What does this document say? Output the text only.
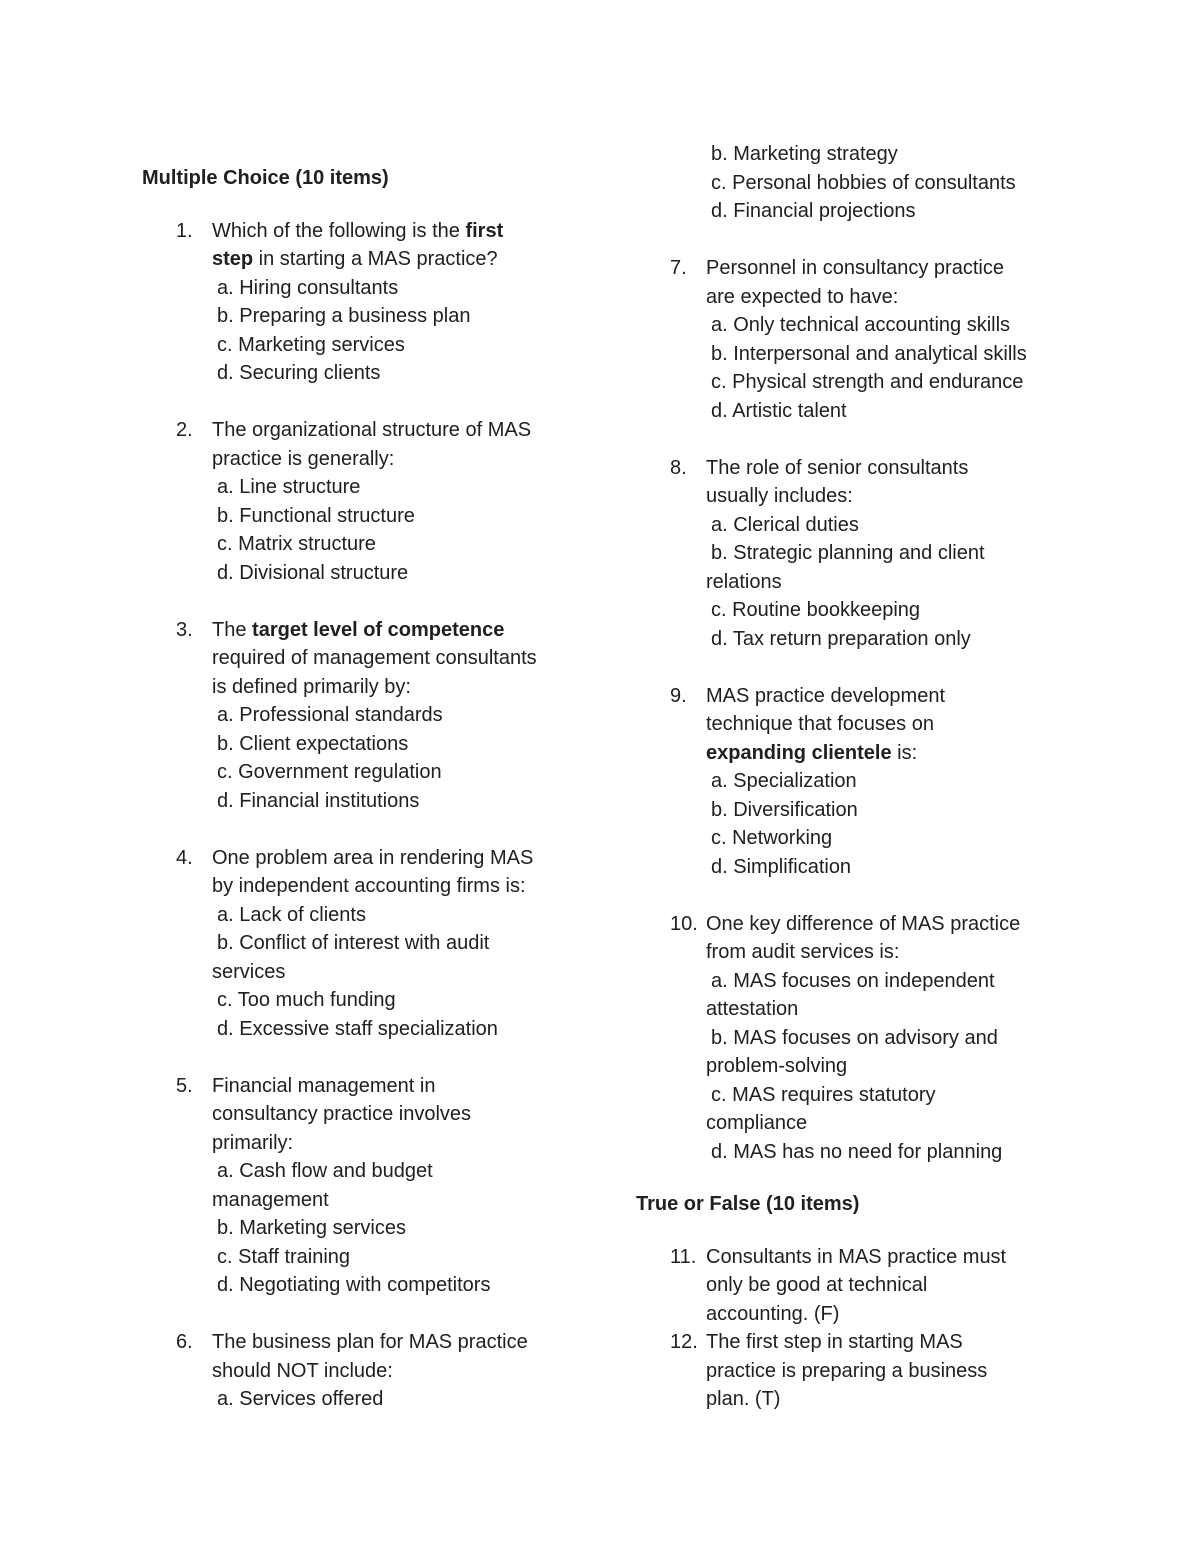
Multiple Choice (10 items)

1. Which of the following is the first
step in starting a MAS practice?
a. Hiring consultants
b. Preparing a business plan
c. Marketing services
d. Securing clients
2. The organizational structure of MAS
practice is generally:
a. Line structure
b. Functional structure
c. Matrix structure
d. Divisional structure
3. The target level of competence
required of management consultants
is defined primarily by:
a. Professional standards
b. Client expectations
c. Government regulation
d. Financial institutions
4. One problem area in rendering MAS
by independent accounting firms is:
a. Lack of clients
b. Conflict of interest with audit
services
c. Too much funding
d. Excessive staff specialization
5. Financial management in
consultancy practice involves
primarily:
a. Cash flow and budget
management
b. Marketing services
c. Staff training
d. Negotiating with competitors
6. The business plan for MAS practice
should NOT include:
a. Services offered
b. Marketing strategy
c. Personal hobbies of consultants
d. Financial projections
7. Personnel in consultancy practice
are expected to have:
a. Only technical accounting skills
b. Interpersonal and analytical skills
c. Physical strength and endurance
d. Artistic talent
8. The role of senior consultants
usually includes:
a. Clerical duties
b. Strategic planning and client
relations
c. Routine bookkeeping
d. Tax return preparation only
9. MAS practice development
technique that focuses on
expanding clientele is:
a. Specialization
b. Diversification
c. Networking
d. Simplification
10. One key difference of MAS practice
from audit services is:
a. MAS focuses on independent
attestation
b. MAS focuses on advisory and
problem-solving
c. MAS requires statutory
compliance
d. MAS has no need for planning

True or False (10 items)

11. Consultants in MAS practice must
only be good at technical
accounting. (F)
12. The first step in starting MAS
practice is preparing a business
plan. (T)
